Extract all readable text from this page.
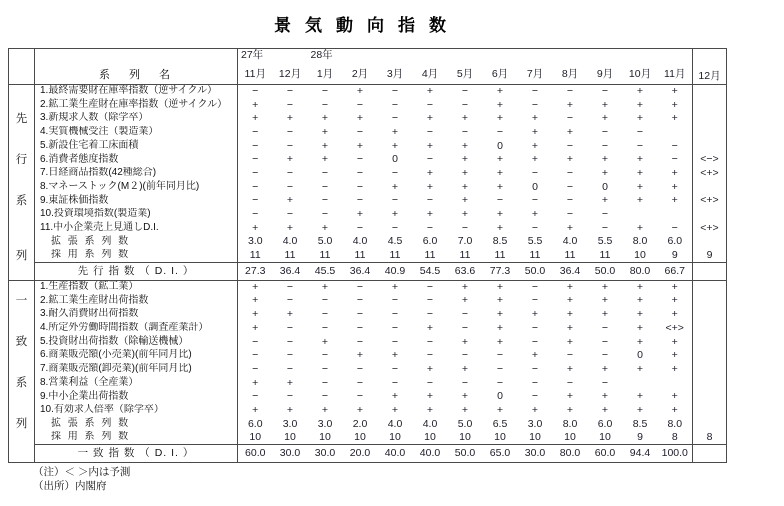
景気動向指数
	系 列 名	27年		28年											12月
		11月	12月	1月	2月	3月	4月	5月	6月	7月	8月	9月	10月	11月	
	1.最終需要財在庫率指数（逆サイクル）	−	−	−	+	−	+	−	+	−	−	−	+	+	
	2.鉱工業生産財在庫率指数（逆サイクル）	+	−	−	−	−	−	−	+	−	+	+	+	+	
先	3.新規求人数（除学卒）	+	+	+	+	−	+	+	+	+	−	+	+	+	
	4.実質機械受注（製造業）	−	−	+	−	+	−	−	−	+	+	−	−		
	5.新設住宅着工床面積	−	−	+	+	+	+	+	0	+	−	−	−	−	
行	6.消費者態度指数	−	+	+	−	0	−	+	+	+	+	+	+	−	<−>
	7.日経商品指数(42種総合)	−	−	−	−	−	+	+	+	−	−	+	+	+	<+>
	8.マネーストック(M２)(前年同月比)	−	−	−	−	+	+	+	+	0	−	0	+	+	
系	9.東証株価指数	−	+	−	−	−	−	+	−	−	−	+	+	+	<+>
	10.投資環境指数(製造業)	−	−	−	+	+	+	+	+	+	−	−			
	11.中小企業売上見通しD.I.	+	+	+	−	−	−	−	+	−	+	−	+	−	<+>
	拡 張 系 列 数	3.0	4.0	5.0	4.0	4.5	6.0	7.0	8.5	5.5	4.0	5.5	8.0	6.0	
列	採 用 系 列 数	11	11	11	11	11	11	11	11	11	11	11	10	9	9
	先 行 指 数 （ D. I. ）	27.3	36.4	45.5	36.4	40.9	54.5	63.6	77.3	50.0	36.4	50.0	80.0	66.7	
	1.生産指数（鉱工業）	+	−	+	−	+	−	+	+	−	+	+	+	+	
一	2.鉱工業生産財出荷指数	+	−	−	−	−	−	+	+	−	+	+	+	+	
	3.耐久消費財出荷指数	+	+	−	−	−	−	−	+	+	+	+	+	+	
	4.所定外労働時間指数（調査産業計）	+	−	−	−	−	+	−	+	−	+	−	+	<+>	
致	5.投資財出荷指数（除輸送機械）	−	−	+	−	−	−	+	+	−	+	−	+	+	
	6.商業販売額(小売業)(前年同月比)	−	−	−	+	+	−	−	−	+	−	−	0	+	
	7.商業販売額(卸売業)(前年同月比)	−	−	−	−	−	+	+	−	−	+	+	+	+	
系	8.営業利益（全産業）	+	+	−	−	−	−	−	−	−	−	−			
	9.中小企業出荷指数	−	−	−	−	+	+	+	0	−	+	+	+	+	
	10.有効求人倍率（除学卒）	+	+	+	+	+	+	+	+	+	+	+	+	+	
列	拡 張 系 列 数	6.0	3.0	3.0	2.0	4.0	4.0	5.0	6.5	3.0	8.0	6.0	8.5	8.0	
	採 用 系 列 数	10	10	10	10	10	10	10	10	10	10	10	9	8	8
	一 致 指 数 （ D. I. ）	60.0	30.0	30.0	20.0	40.0	40.0	50.0	65.0	30.0	80.0	60.0	94.4	100.0	
（注）＜ ＞内は予測
（出所）内閣府
